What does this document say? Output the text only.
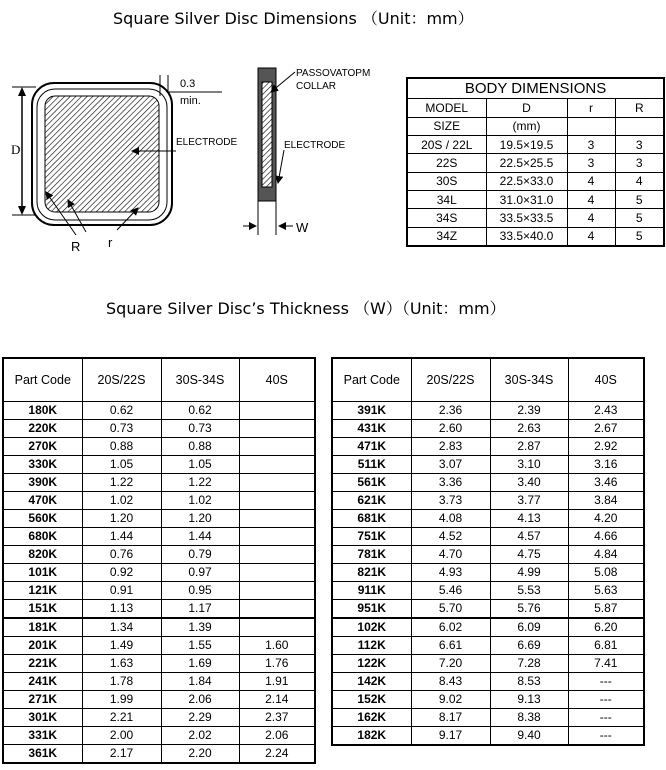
Square Silver Disc Dimensions （Unit：mm）
D
0.3
min.
ELECTRODE
R r
PASSOVATOPM
COLLAR
ELECTRODE
W
BODY DIMENSIONS			
MODEL	D	r	R
SIZE	(mm)		
20S / 22L	19.5×19.5	3	3
22S	22.5×25.5	3	3
30S	22.5×33.0	4	4
34L	31.0×31.0	4	5
34S	33.5×33.5	4	5
34Z	33.5×40.0	4	5
Square Silver Disc’s Thickness （W）（Unit：mm）
Part Code	20S/22S	30S-34S	40S
180K	0.62	0.62	
220K	0.73	0.73	
270K	0.88	0.88	
330K	1.05	1.05	
390K	1.22	1.22	
470K	1.02	1.02	
560K	1.20	1.20	
680K	1.44	1.44	
820K	0.76	0.79	
101K	0.92	0.97	
121K	0.91	0.95	
151K	1.13	1.17	
181K	1.34	1.39	
201K	1.49	1.55	1.60
221K	1.63	1.69	1.76
241K	1.78	1.84	1.91
271K	1.99	2.06	2.14
301K	2.21	2.29	2.37
331K	2.00	2.02	2.06
361K	2.17	2.20	2.24
Part Code	20S/22S	30S-34S	40S
391K	2.36	2.39	2.43
431K	2.60	2.63	2.67
471K	2.83	2.87	2.92
511K	3.07	3.10	3.16
561K	3.36	3.40	3.46
621K	3.73	3.77	3.84
681K	4.08	4.13	4.20
751K	4.52	4.57	4.66
781K	4.70	4.75	4.84
821K	4.93	4.99	5.08
911K	5.46	5.53	5.63
951K	5.70	5.76	5.87
102K	6.02	6.09	6.20
112K	6.61	6.69	6.81
122K	7.20	7.28	7.41
142K	8.43	8.53	---
152K	9.02	9.13	---
162K	8.17	8.38	---
182K	9.17	9.40	---
